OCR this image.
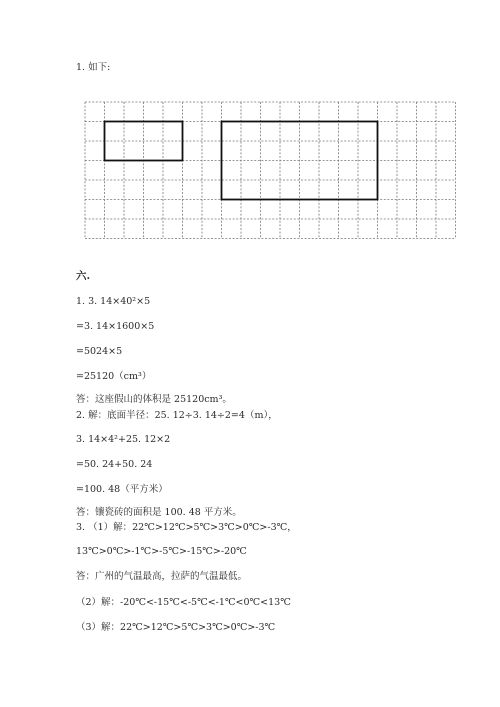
1. 如下:
六.
1. 3. 14×40²×5
=3. 14×1600×5
=5024×5
=25120（cm³）
答：这座假山的体积是 25120cm³。
2. 解：底面半径：25. 12÷3. 14÷2=4（m），
3. 14×4²+25. 12×2
=50. 24+50. 24
=100. 48（平方米）
答：镶瓷砖的面积是 100. 48 平方米。
3. （1）解：22℃>12℃>5℃>3℃>0℃>-3℃，
13℃>0℃>-1℃>-5℃>-15℃>-20℃
答：广州的气温最高，拉萨的气温最低。
（2）解：-20℃<-15℃<-5℃<-1℃<0℃<13℃
（3）解：22℃>12℃>5℃>3℃>0℃>-3℃
